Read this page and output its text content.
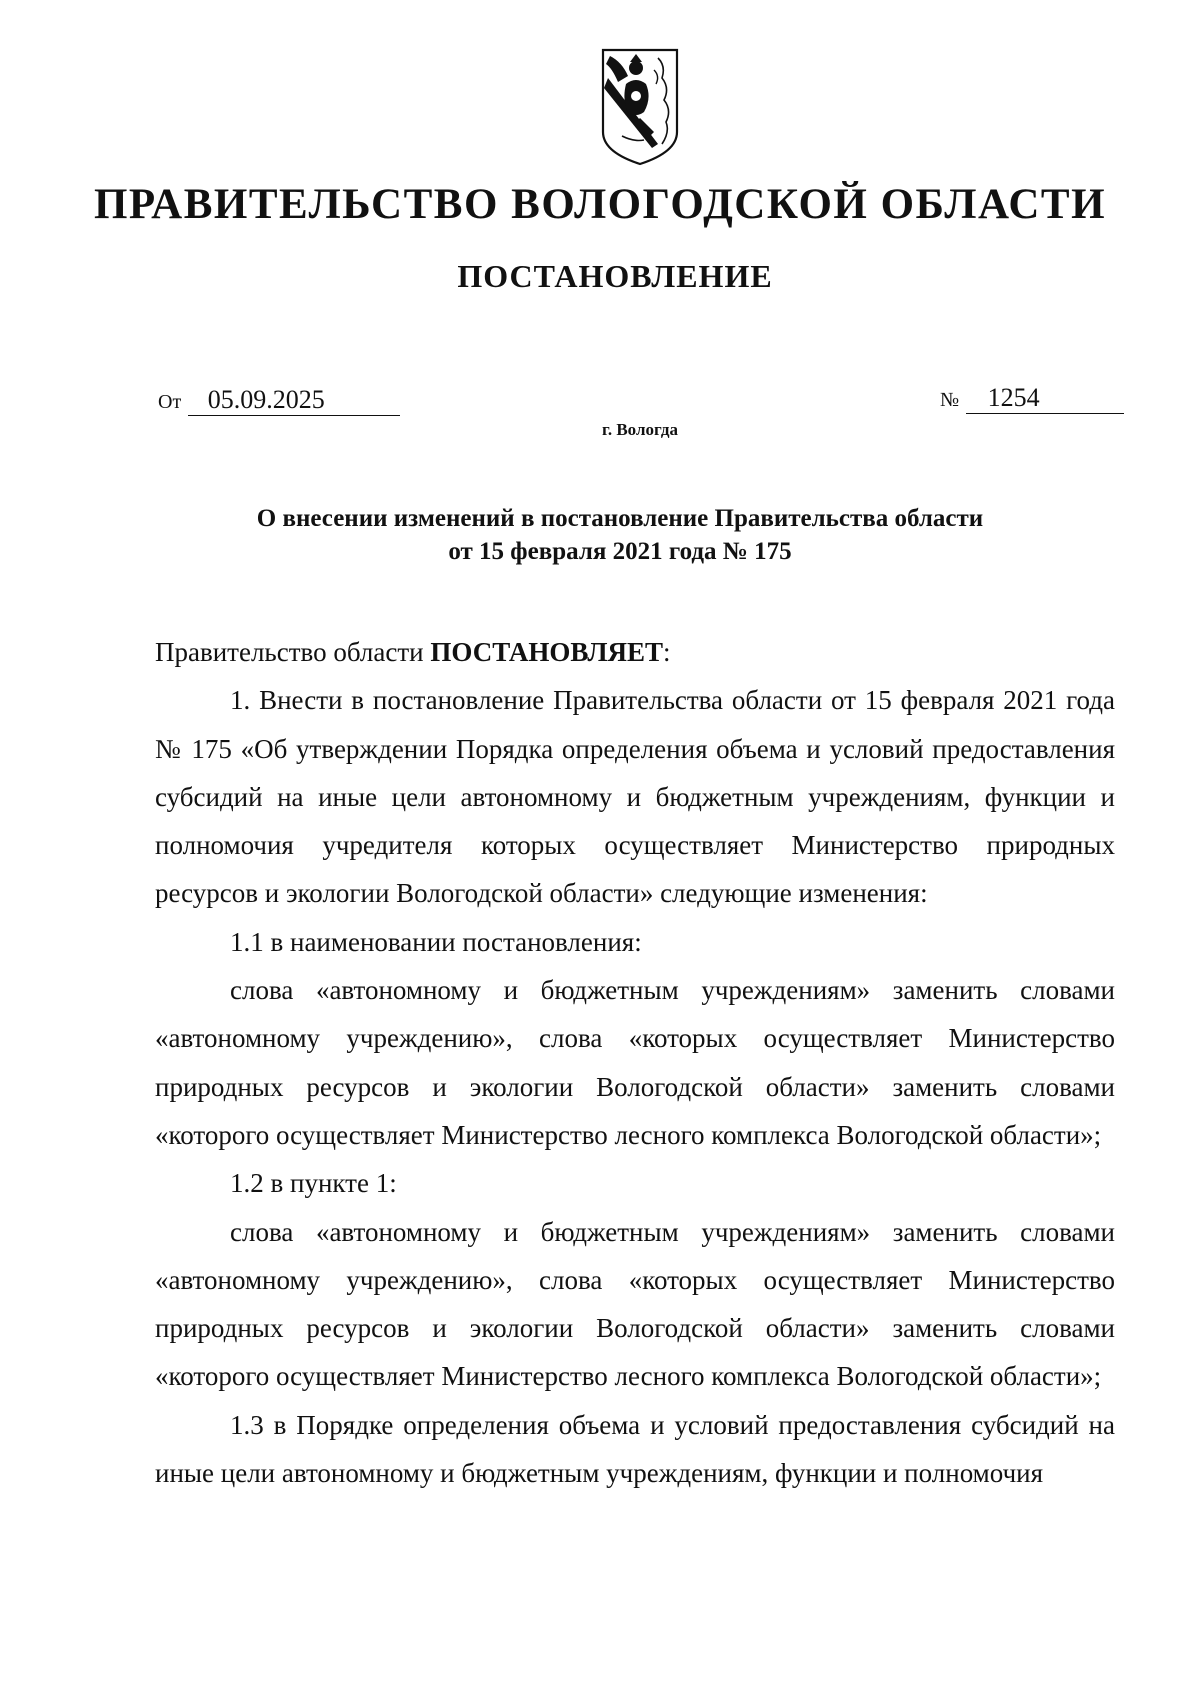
ПРАВИТЕЛЬСТВО ВОЛОГОДСКОЙ ОБЛАСТИ
ПОСТАНОВЛЕНИЕ
От 05.09.2025	№ 1254
г. Вологда
О внесении изменений в постановление Правительства области
от 15 февраля 2021 года № 175

Правительство области ПОСТАНОВЛЯЕТ:

1. Внести в постановление Правительства области от 15 февраля 2021 года № 175 «Об утверждении Порядка определения объема и условий предоставления субсидий на иные цели автономному и бюджетным учреждениям, функции и полномочия учредителя которых осуществляет Министерство природных ресурсов и экологии Вологодской области» следующие изменения:

1.1 в наименовании постановления:

слова «автономному и бюджетным учреждениям» заменить словами «автономному учреждению», слова «которых осуществляет Министерство природных ресурсов и экологии Вологодской области» заменить словами «которого осуществляет Министерство лесного комплекса Вологодской области»;

1.2 в пункте 1:

слова «автономному и бюджетным учреждениям» заменить словами «автономному учреждению», слова «которых осуществляет Министерство природных ресурсов и экологии Вологодской области» заменить словами «которого осуществляет Министерство лесного комплекса Вологодской области»;

1.3 в Порядке определения объема и условий предоставления субсидий на иные цели автономному и бюджетным учреждениям, функции и полномочия
